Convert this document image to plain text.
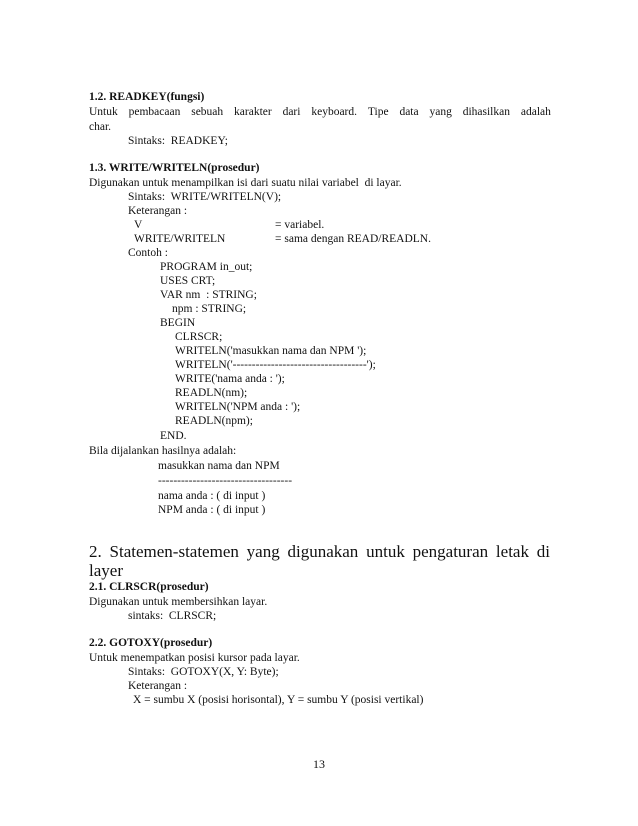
1.2. READKEY(fungsi)
Untuk pembacaan sebuah karakter dari keyboard. Tipe data yang dihasilkan adalah
char.
Sintaks:  READKEY;
1.3. WRITE/WRITELN(prosedur)
Digunakan untuk menampilkan isi dari suatu nilai variabel  di layar.
Sintaks:  WRITE/WRITELN(V);
Keterangan :
V	= variabel.
WRITE/WRITELN	= sama dengan READ/READLN.
Contoh :
PROGRAM in_out;
USES CRT;
VAR nm  : STRING;
npm : STRING;
BEGIN
CLRSCR;
WRITELN('masukkan nama dan NPM ');
WRITELN('-----------------------------------');
WRITE('nama anda : ');
READLN(nm);
WRITELN('NPM anda : ');
READLN(npm);
END.
Bila dijalankan hasilnya adalah:
masukkan nama dan NPM
-----------------------------------
nama anda : ( di input )
NPM anda : ( di input )
2. Statemen-statemen yang digunakan untuk pengaturan letak di
layer
2.1. CLRSCR(prosedur)
Digunakan untuk membersihkan layar.
sintaks:  CLRSCR;
2.2. GOTOXY(prosedur)
Untuk menempatkan posisi kursor pada layar.
Sintaks:  GOTOXY(X, Y: Byte);
Keterangan :
X = sumbu X (posisi horisontal), Y = sumbu Y (posisi vertikal)
13
